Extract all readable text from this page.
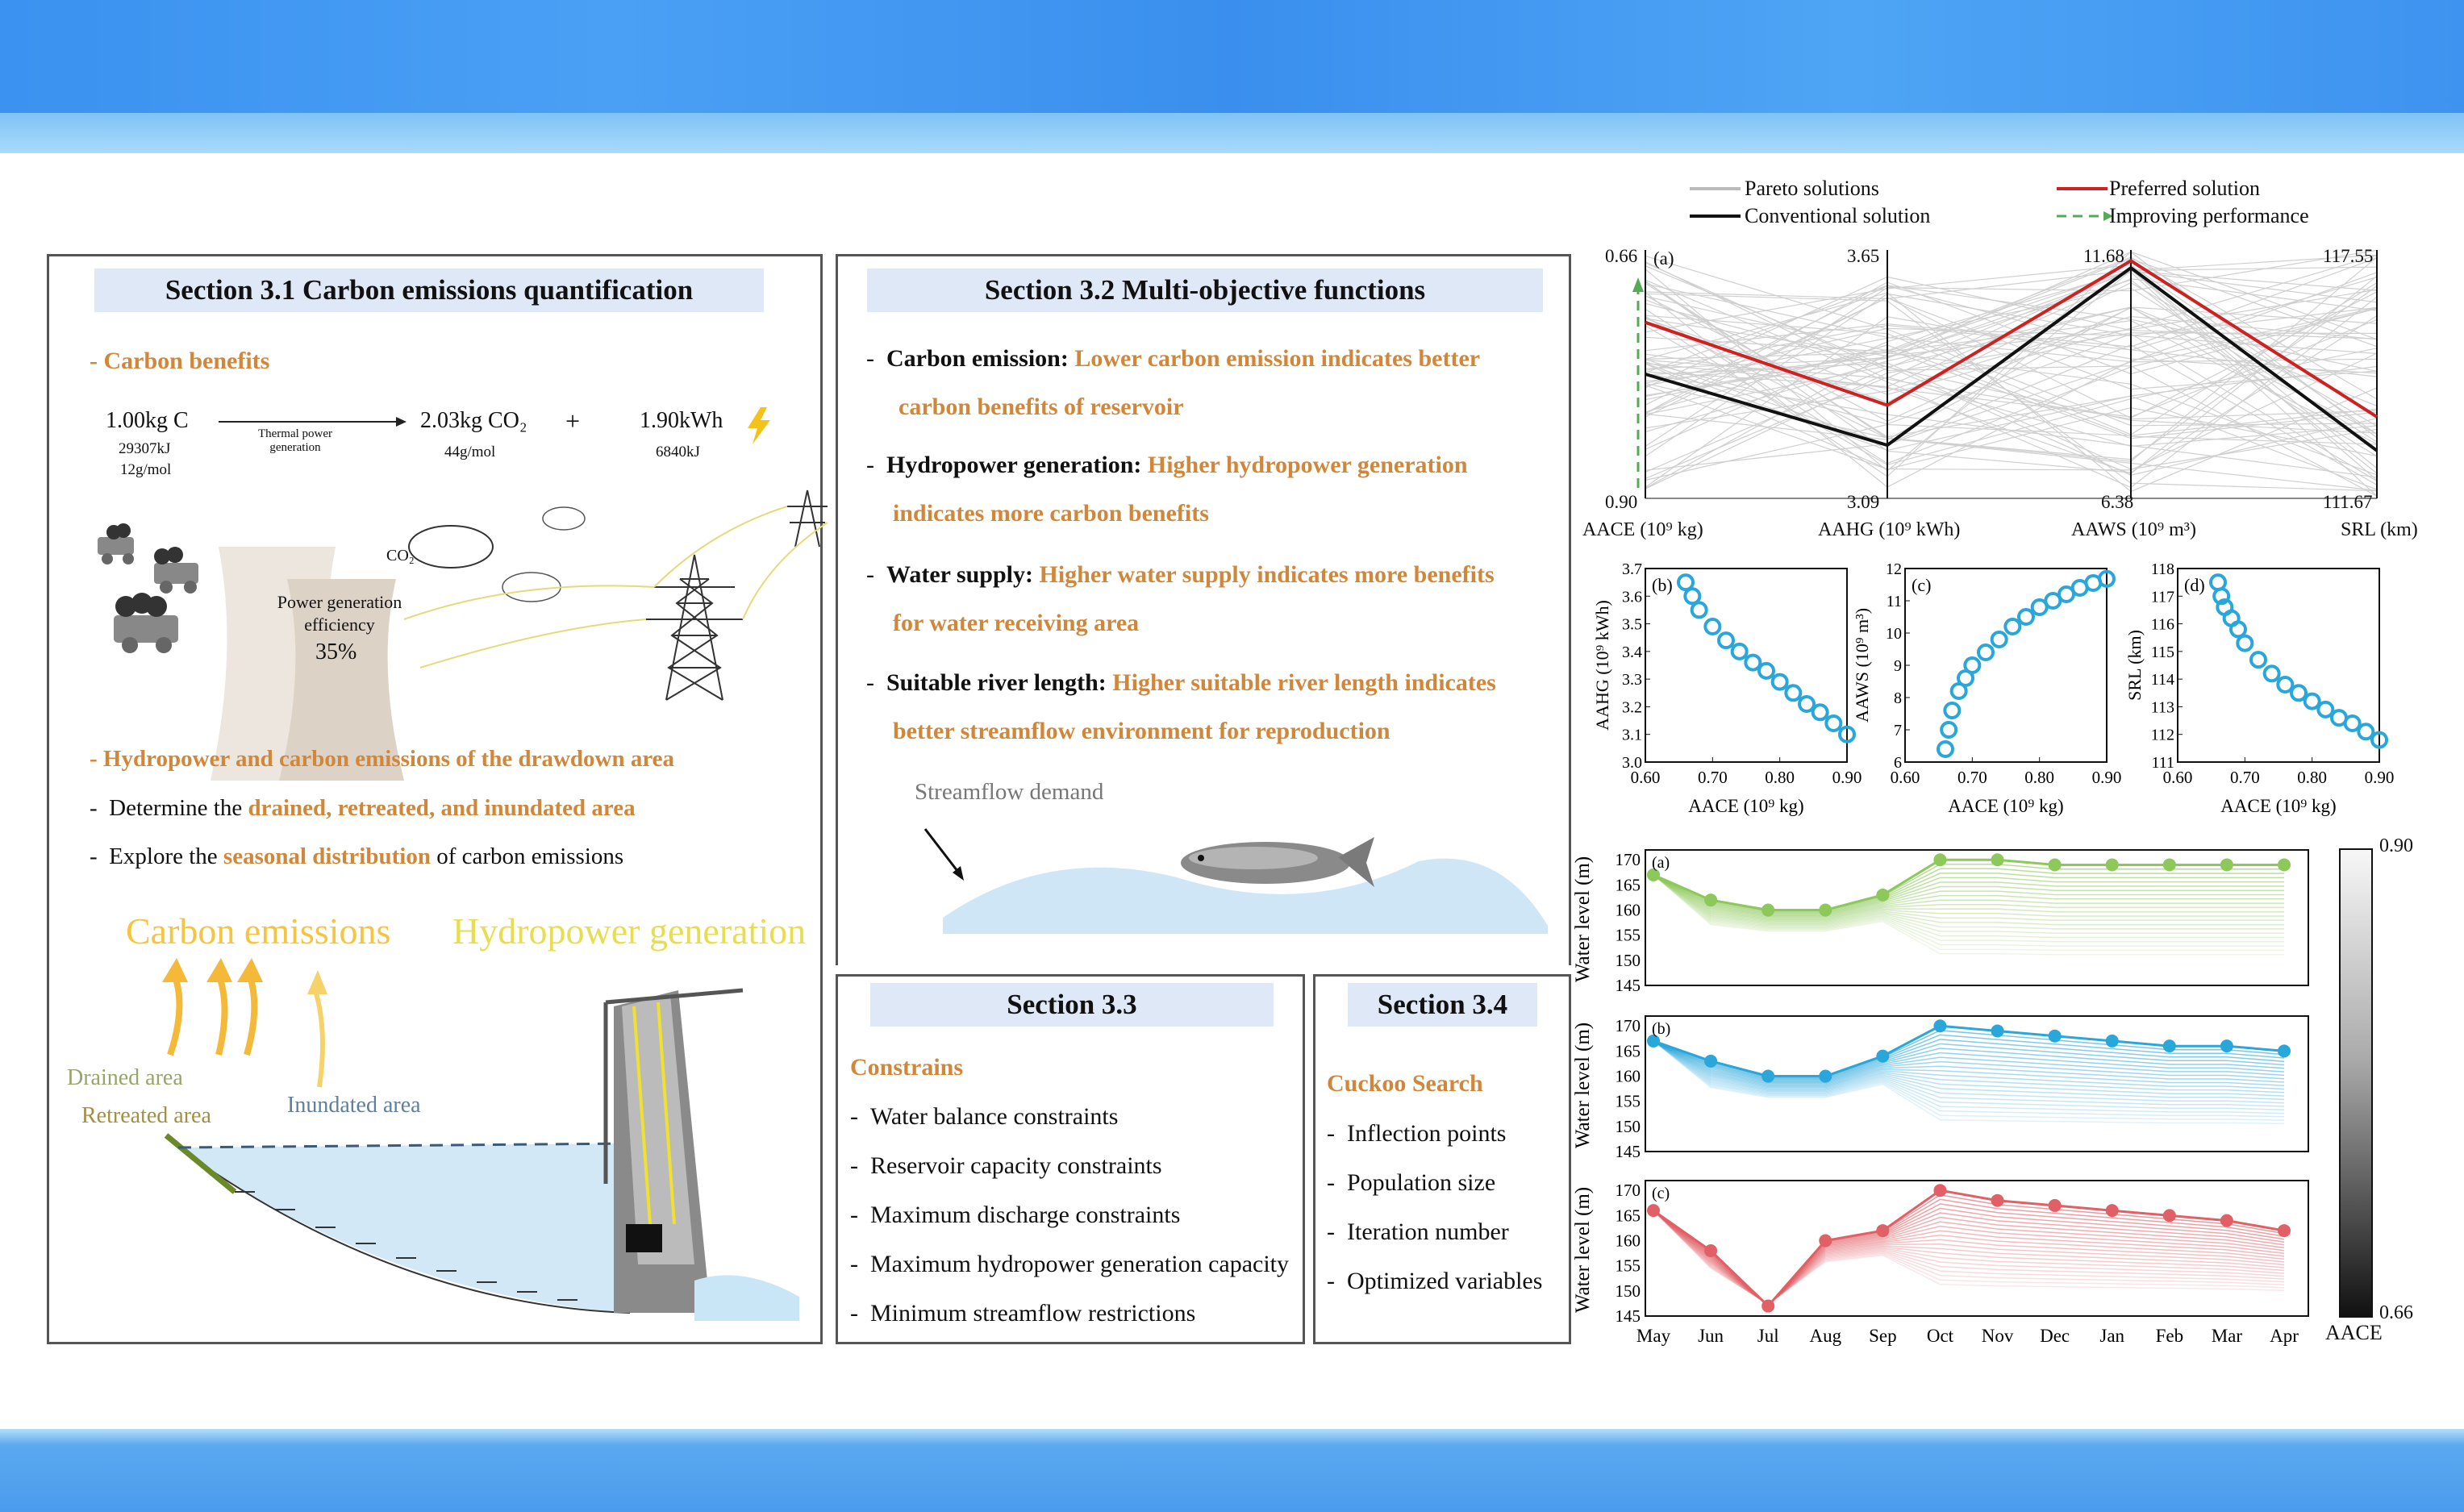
Section 3.1 Carbon emissions quantification
- Carbon benefits
1.00kg C
29307kJ
12g/mol
Thermal power generation
2.03kg CO₂
44g/mol
+	1.90kWh
6840kJ
CO₂
Power generation efficiency
35%
- Hydropower and carbon emissions of the drawdown area
-  Determine the drained, retreated, and inundated area
-  Explore the seasonal distribution of carbon emissions
Carbon emissions Hydropower generation
Drained area
Retreated area	Inundated area
Section 3.2 Multi-objective functions
-  Carbon emission: Lower carbon emission indicates better
carbon benefits of reservoir
-  Hydropower generation: Higher hydropower generation
indicates more carbon benefits
-  Water supply: Higher water supply indicates more benefits
for water receiving area
-  Suitable river length: Higher suitable river length indicates
better streamflow environment for reproduction
Streamflow demand
Section 3.3
Constrains
-  Water balance constraints
-  Reservoir capacity constraints
-  Maximum discharge constraints
-  Maximum hydropower generation capacity
-  Minimum streamflow restrictions
Section 3.4
Cuckoo Search
-  Inflection points
-  Population size
-  Iteration number
-  Optimized variables
Pareto solutions
Conventional solution
Preferred solution
Improving performance
(a)
0.66
0.90
3.65
3.09
11.68
6.38
117.55
111.67
AACE (10⁹ kg)	AAHG (10⁹ kWh)	AAWS (10⁹ m³)	SRL (km)
0.60 0.70 0.80 0.90
3.0
3.1
3.2
3.3
3.4
3.5
3.6
3.7
(b)
AACE (10⁹ kg)
AAHG (10⁹ kWh)
0.60 0.70 0.80 0.90
6
7
8
9
10
11
12
(c)
AACE (10⁹ kg)
AAWS (10⁹ m³)
0.60 0.70 0.80 0.90
111
112
113
114
115
116
117
118
(d)
AACE (10⁹ kg)
SRL (km)
145
150
155
160
165
170 (a)
Water level (m)
145
150
155
160
165
170 (b)
Water level (m)
145
150
155
160
165
170 (c)
Water level (m)
May Jun Jul Aug Sep Oct Nov Dec Jan Feb Mar Apr
0.90
0.66
AACE
